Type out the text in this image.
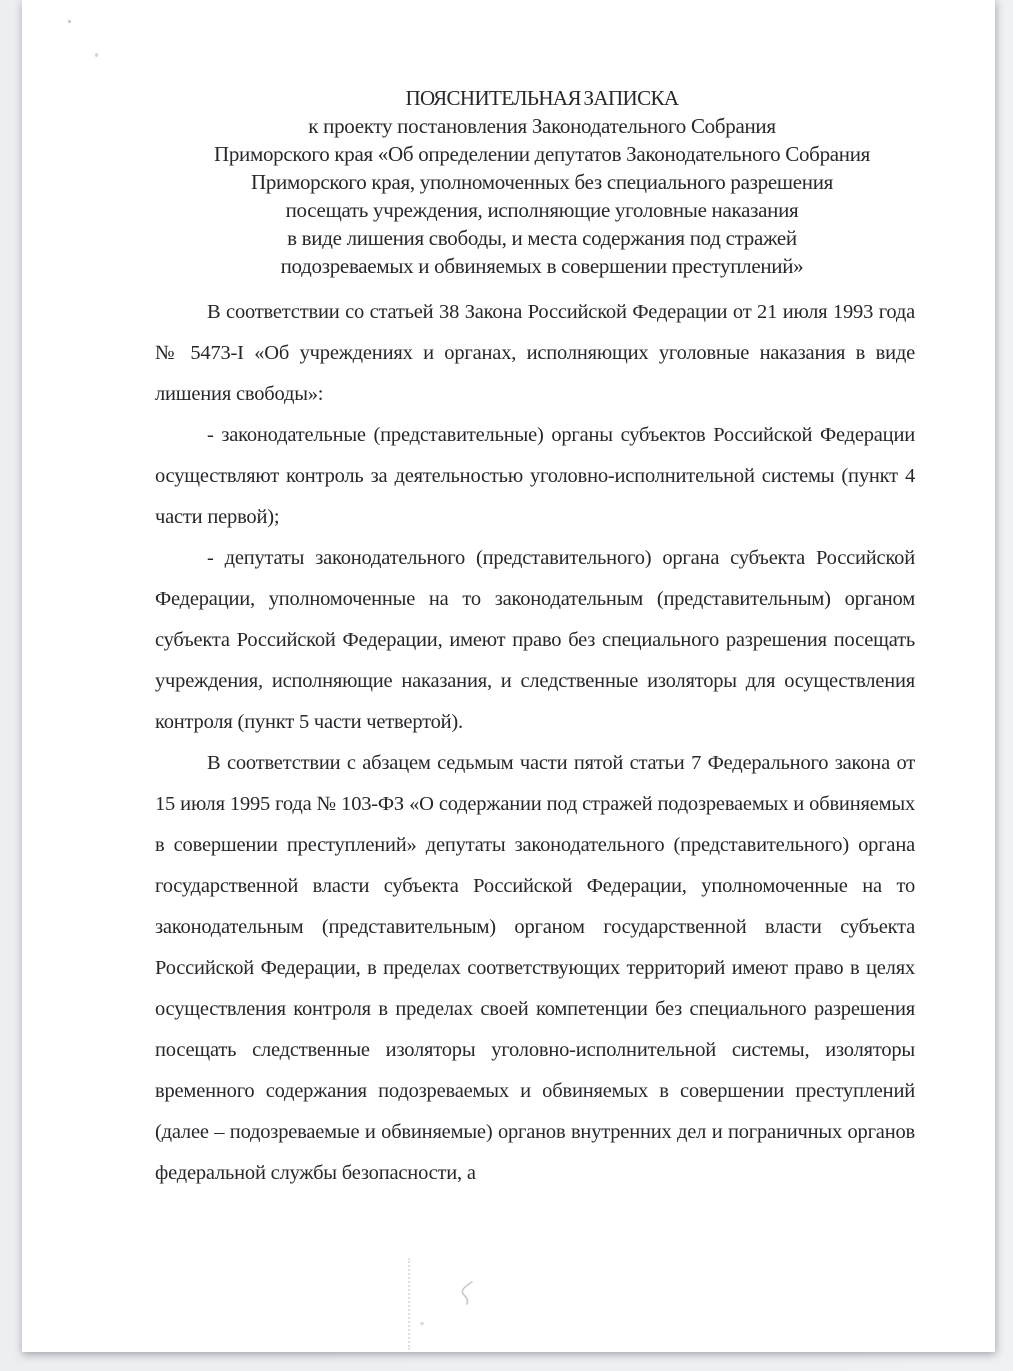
ПОЯСНИТЕЛЬНАЯ ЗАПИСКА
к проекту постановления Законодательного Собрания
Приморского края «Об определении депутатов Законодательного Собрания
Приморского края, уполномоченных без специального разрешения
посещать учреждения, исполняющие уголовные наказания
в виде лишения свободы, и места содержания под стражей
подозреваемых и обвиняемых в совершении преступлений»

В соответствии со статьей 38 Закона Российской Федерации от 21 июля 1993 года № 5473-I «Об учреждениях и органах, исполняющих уголовные наказания в виде лишения свободы»:

- законодательные (представительные) органы субъектов Российской Федерации осуществляют контроль за деятельностью уголовно-исполнительной системы (пункт 4 части первой);

- депутаты законодательного (представительного) органа субъекта Российской Федерации, уполномоченные на то законодательным (представительным) органом субъекта Российской Федерации, имеют право без специального разрешения посещать учреждения, исполняющие наказания, и следственные изоляторы для осуществления контроля (пункт 5 части четвертой).

В соответствии с абзацем седьмым части пятой статьи 7 Федерального закона от 15 июля 1995 года № 103-ФЗ «О содержании под стражей подозреваемых и обвиняемых в совершении преступлений» депутаты законодательного (представительного) органа государственной власти субъекта Российской Федерации, уполномоченные на то законодательным (представительным) органом государственной власти субъекта Российской Федерации, в пределах соответствующих территорий имеют право в целях осуществления контроля в пределах своей компетенции без специального разрешения посещать следственные изоляторы уголовно-исполнительной системы, изоляторы временного содержания подозреваемых и обвиняемых в совершении преступлений (далее – подозреваемые и обвиняемые) органов внутренних дел и пограничных органов федеральной службы безопасности, а
